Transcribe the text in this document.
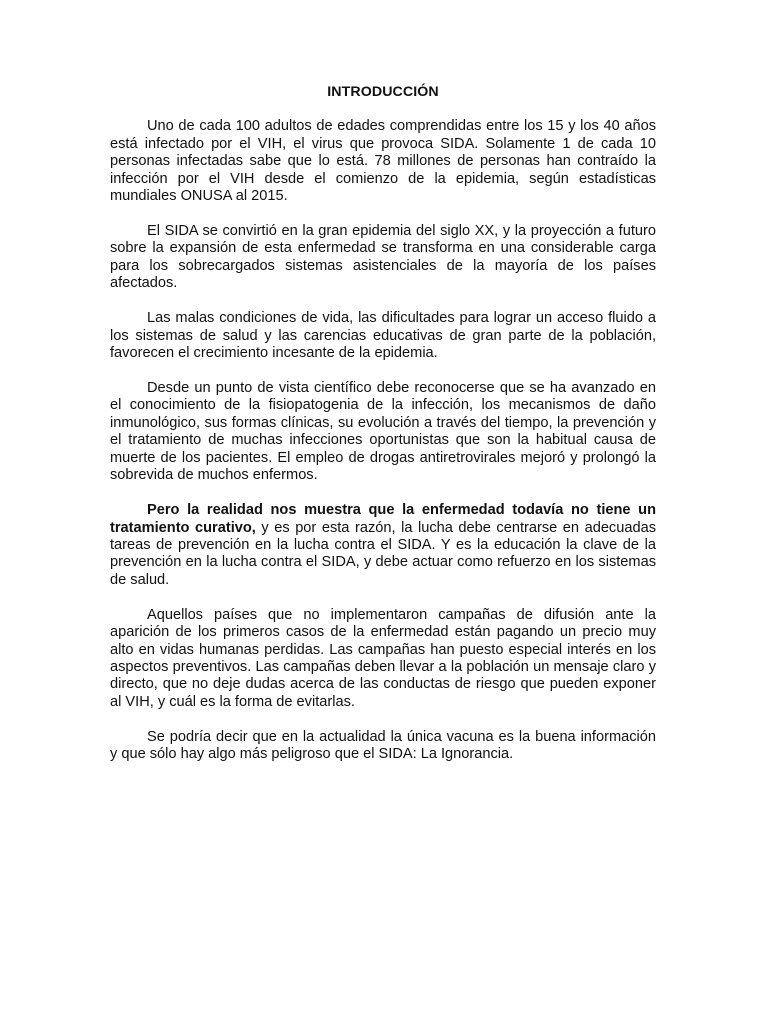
INTRODUCCIÓN

Uno de cada 100 adultos de edades comprendidas entre los 15 y los 40 años está infectado por el VIH, el virus que provoca SIDA. Solamente 1 de cada 10 personas infectadas sabe que lo está. 78 millones de personas han contraído la infección por el VIH desde el comienzo de la epidemia, según estadísticas mundiales ONUSA al 2015.

El SIDA se convirtió en la gran epidemia del siglo XX, y la proyección a futuro sobre la expansión de esta enfermedad se transforma en una considerable carga para los sobrecargados sistemas asistenciales de la mayoría de los países afectados.

Las malas condiciones de vida, las dificultades para lograr un acceso fluido a los sistemas de salud y las carencias educativas de gran parte de la población, favorecen el crecimiento incesante de la epidemia.

Desde un punto de vista científico debe reconocerse que se ha avanzado en el conocimiento de la fisiopatogenia de la infección, los mecanismos de daño inmunológico, sus formas clínicas, su evolución a través del tiempo, la prevención y el tratamiento de muchas infecciones oportunistas que son la habitual causa de muerte de los pacientes. El empleo de drogas antiretrovirales mejoró y prolongó la sobrevida de muchos enfermos.

Pero la realidad nos muestra que la enfermedad todavía no tiene un tratamiento curativo, y es por esta razón, la lucha debe centrarse en adecuadas tareas de prevención en la lucha contra el SIDA. Y es la educación la clave de la prevención en la lucha contra el SIDA, y debe actuar como refuerzo en los sistemas de salud.

Aquellos países que no implementaron campañas de difusión ante la aparición de los primeros casos de la enfermedad están pagando un precio muy alto en vidas humanas perdidas. Las campañas han puesto especial interés en los aspectos preventivos. Las campañas deben llevar a la población un mensaje claro y directo, que no deje dudas acerca de las conductas de riesgo que pueden exponer al VIH, y cuál es la forma de evitarlas.

Se podría decir que en la actualidad la única vacuna es la buena información y que sólo hay algo más peligroso que el SIDA: La Ignorancia.
